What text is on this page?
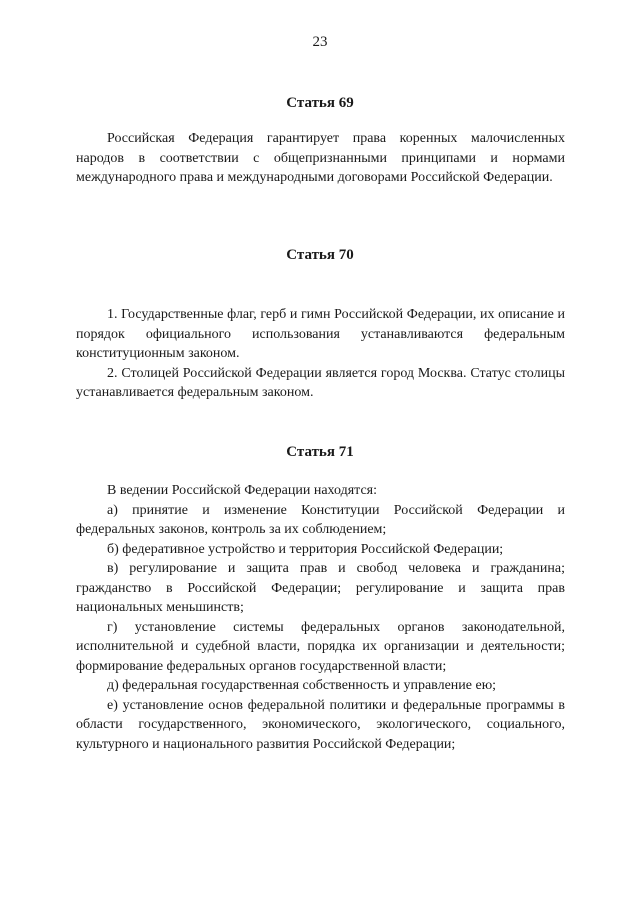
23
Статья 69

Российская Федерация гарантирует права коренных малочисленных народов в соответствии с общепризнанными принципами и нормами международного права и международными договорами Российской Федерации.

Статья 70

1. Государственные флаг, герб и гимн Российской Федерации, их описание и порядок официального использования устанавливаются федеральным конституционным законом.

2. Столицей Российской Федерации является город Москва. Статус столицы устанавливается федеральным законом.

Статья 71

В ведении Российской Федерации находятся:

а) принятие и изменение Конституции Российской Федерации и федеральных законов, контроль за их соблюдением;

б) федеративное устройство и территория Российской Федерации;

в) регулирование и защита прав и свобод человека и гражданина; гражданство в Российской Федерации; регулирование и защита прав национальных меньшинств;

г) установление системы федеральных органов законодательной, исполнительной и судебной власти, порядка их организации и деятельности; формирование федеральных органов государственной власти;

д) федеральная государственная собственность и управление ею;

е) установление основ федеральной политики и федеральные программы в области государственного, экономического, экологического, социального, культурного и национального развития Российской Федерации;
